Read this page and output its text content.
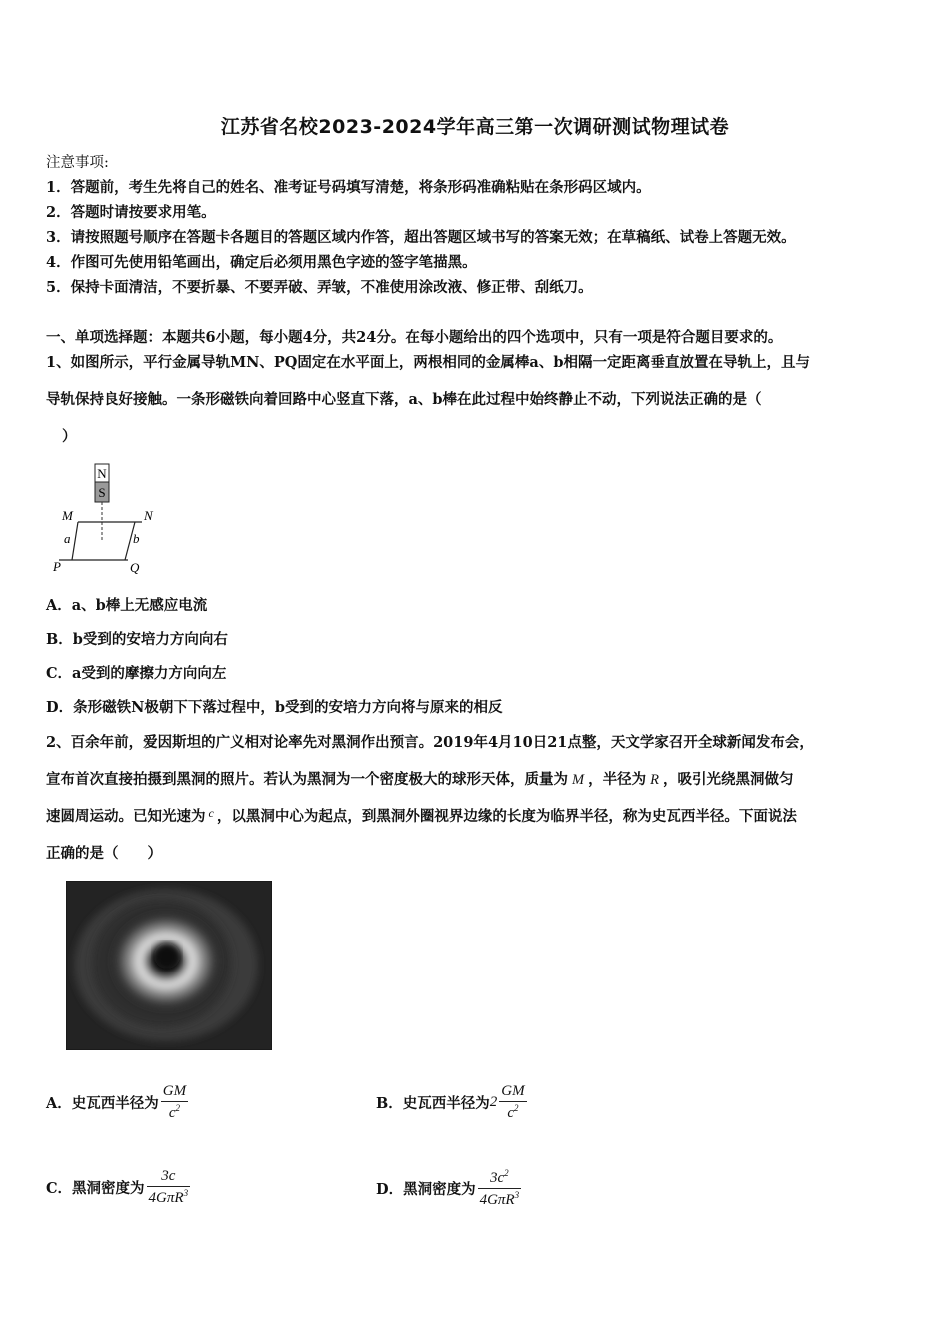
江苏省名校2023-2024学年高三第一次调研测试物理试卷
注意事项:
1．答题前，考生先将自己的姓名、准考证号码填写清楚，将条形码准确粘贴在条形码区域内。
2．答题时请按要求用笔。
3．请按照题号顺序在答题卡各题目的答题区域内作答，超出答题区域书写的答案无效；在草稿纸、试卷上答题无效。
4．作图可先使用铅笔画出，确定后必须用黑色字迹的签字笔描黑。
5．保持卡面清洁，不要折暴、不要弄破、弄皱，不准使用涂改液、修正带、刮纸刀。
一、单项选择题：本题共6小题，每小题4分，共24分。在每小题给出的四个选项中，只有一项是符合题目要求的。
1、如图所示，平行金属导轨MN、PQ固定在水平面上，两根相同的金属棒a、b相隔一定距离垂直放置在导轨上，且与
导轨保持良好接触。一条形磁铁向着回路中心竖直下落，a、b棒在此过程中始终静止不动，下列说法正确的是（
）
N
S
M	N
P	Q
a	b
A．a、b棒上无感应电流
B．b受到的安培力方向向右
C．a受到的摩擦力方向向左
D．条形磁铁N极朝下下落过程中，b受到的安培力方向将与原来的相反
2、百余年前，爱因斯坦的广义相对论率先对黑洞作出预言。2019年4月10日21点整，天文学家召开全球新闻发布会，
宣布首次直接拍摄到黑洞的照片。若认为黑洞为一个密度极大的球形天体，质量为 M ，半径为 R ，吸引光绕黑洞做匀
速圆周运动。已知光速为 $^c$ ，以黑洞中心为起点，到黑洞外圈视界边缘的长度为临界半径，称为史瓦西半径。下面说法
正确的是（　　）
A．史瓦西半径为 $\frac{GM}{c^2}$	B．史瓦西半径为$2 \frac{GM}{c^2}$
C．黑洞密度为 $\frac{3c}{4G\pi R^3}$	D．黑洞密度为 $\frac{3c^2}{4G\pi R^3}$
